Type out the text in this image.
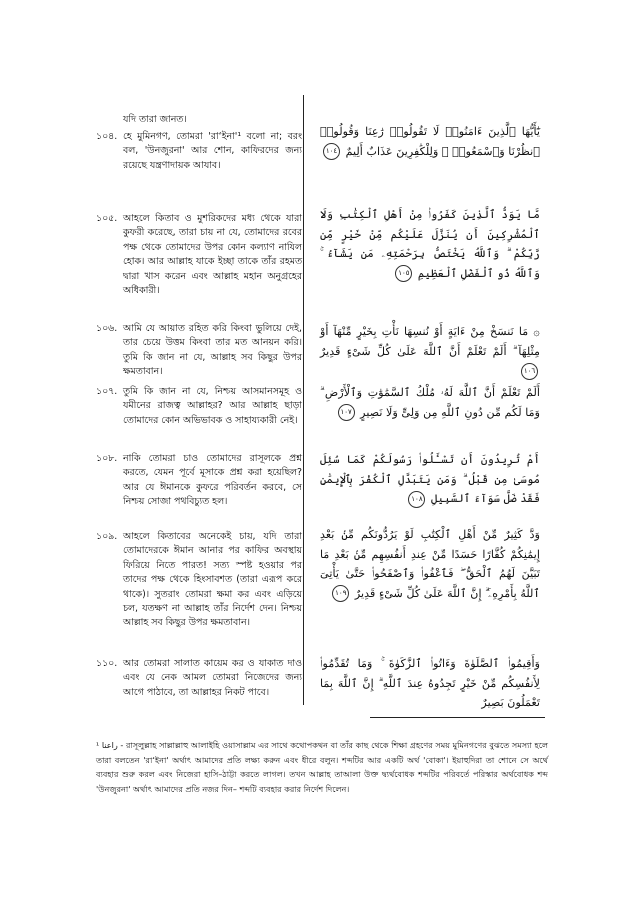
যদি তারা জানত।
১০৪. হে মুমিনগণ, তোমরা 'রা‘ইনা'¹ বলো না; বরং বল, 'উনজুরনা' আর শোন, কাফিরদের জন্য রয়েছে যন্ত্রণাদায়ক আযাব।
يَٰٓأَيُّهَا ٱلَّذِينَ ءَامَنُوا۟ لَا تَقُولُوا۟ رَٰعِنَا وَقُولُوا۟ ٱنظُرْنَا وَٱسْمَعُوا۟ ۗ وَلِلْكَٰفِرِينَ عَذَابٌ أَلِيمٌ ١٠٤
১০৫. আহলে কিতাব ও মুশরিকদের মধ্য থেকে যারা কুফরী করেছে, তারা চায় না যে, তোমাদের রবের পক্ষ থেকে তোমাদের উপর কোন কল্যাণ নাযিল হোক। আর আল্লাহ যাকে ইচ্ছা তাকে তাঁর রহমত দ্বারা খাস করেন এবং আল্লাহ মহান অনুগ্রহের অধিকারী।
مَّا يَوَدُّ ٱلَّذِينَ كَفَرُوا۟ مِنْ أَهْلِ ٱلْكِتَٰبِ وَلَا ٱلْمُشْرِكِينَ أَن يُنَزَّلَ عَلَيْكُم مِّنْ خَيْرٍ مِّن رَّبِّكُمْ ۗ وَٱللَّهُ يَخْتَصُّ بِرَحْمَتِهِۦ مَن يَشَآءُ ۚ وَٱللَّهُ ذُو ٱلْفَضْلِ ٱلْعَظِيمِ ١٠٥
১০৬. আমি যে আয়াত রহিত করি কিংবা ভুলিয়ে দেই, তার চেয়ে উত্তম কিংবা তার মত আনয়ন করি। তুমি কি জান না যে, আল্লাহ সব কিছুর উপর ক্ষমতাবান।
۞ مَا نَنسَخْ مِنْ ءَايَةٍ أَوْ نُنسِهَا نَأْتِ بِخَيْرٍ مِّنْهَآ أَوْ مِثْلِهَآ ۗ أَلَمْ تَعْلَمْ أَنَّ ٱللَّهَ عَلَىٰ كُلِّ شَىْءٍ قَدِيرٌ ١٠٦
১০৭. তুমি কি জান না যে, নিশ্চয় আসমানসমূহ ও যমীনের রাজত্ব আল্লাহর? আর আল্লাহ ছাড়া তোমাদের কোন অভিভাবক ও সাহায্যকারী নেই।
أَلَمْ تَعْلَمْ أَنَّ ٱللَّهَ لَهُۥ مُلْكُ ٱلسَّمَٰوَٰتِ وَٱلْأَرْضِ ۗ وَمَا لَكُم مِّن دُونِ ٱللَّهِ مِن وَلِىٍّ وَلَا نَصِيرٍ ١٠٧
১০৮. নাকি তোমরা চাও তোমাদের রাসূলকে প্রশ্ন করতে, যেমন পূর্বে মূসাকে প্রশ্ন করা হয়েছিল? আর যে ঈমানকে কুফরে পরিবর্তন করবে, সে নিশ্চয় সোজা পথবিচ্যুত হল।
أَمْ تُرِيدُونَ أَن تَسْـَٔلُوا۟ رَسُولَكُمْ كَمَا سُئِلَ مُوسَىٰ مِن قَبْلُ ۗ وَمَن يَتَبَدَّلِ ٱلْكُفْرَ بِٱلْإِيمَٰنِ فَقَدْ ضَلَّ سَوَآءَ ٱلسَّبِيلِ ١٠٨
১০৯. আহলে কিতাবের অনেকেই চায়, যদি তারা তোমাদেরকে ঈমান আনার পর কাফির অবস্থায় ফিরিয়ে নিতে পারত! সত্য স্পষ্ট হওয়ার পর তাদের পক্ষ থেকে হিংসাবশত (তারা এরূপ করে থাকে)। সুতরাং তোমরা ক্ষমা কর এবং এড়িয়ে চল, যতক্ষণ না আল্লাহ তাঁর নির্দেশ দেন। নিশ্চয় আল্লাহ সব কিছুর উপর ক্ষমতাবান।
وَدَّ كَثِيرٌ مِّنْ أَهْلِ ٱلْكِتَٰبِ لَوْ يَرُدُّونَكُم مِّنۢ بَعْدِ إِيمَٰنِكُمْ كُفَّارًا حَسَدًا مِّنْ عِندِ أَنفُسِهِم مِّنۢ بَعْدِ مَا تَبَيَّنَ لَهُمُ ٱلْحَقُّ ۖ فَٱعْفُوا۟ وَٱصْفَحُوا۟ حَتَّىٰ يَأْتِىَ ٱللَّهُ بِأَمْرِهِۦٓ ۗ إِنَّ ٱللَّهَ عَلَىٰ كُلِّ شَىْءٍ قَدِيرٌ ١٠٩
১১০. আর তোমরা সালাত কায়েম কর ও যাকাত দাও এবং যে নেক আমল তোমরা নিজেদের জন্য আগে পাঠাবে, তা আল্লাহর নিকট পাবে।
وَأَقِيمُوا۟ ٱلصَّلَوٰةَ وَءَاتُوا۟ ٱلزَّكَوٰةَ ۚ وَمَا تُقَدِّمُوا۟ لِأَنفُسِكُم مِّنْ خَيْرٍ تَجِدُوهُ عِندَ ٱللَّهِ ۗ إِنَّ ٱللَّهَ بِمَا تَعْمَلُونَ بَصِيرٌ
¹ راعنا - রাসূলুল্লাহ সাল্লাল্লাহু আলাইহি ওয়াসাল্লাম এর সাথে কথোপকথন বা তাঁর কাছ থেকে শিক্ষা গ্রহণের সময় মুমিনগণের বুঝতে সমস্যা হলে তারা বলতেন 'রা‘ইনা' অর্থাৎ আমাদের প্রতি লক্ষ্য করুন এবং ধীরে বলুন। শব্দটির আর একটি অর্থ 'বোকা'। ইয়াহুদিরা তা শোনে সে অর্থে ব্যবহার শুরু করল এবং নিজেরা হাসি–ঠাট্টা করতে লাগল। তখন আল্লাহ তাআলা উক্ত দ্ব্যর্থবোধক শব্দটির পরিবর্তে পরিস্কার অর্থবোধক শব্দ 'উনজুরনা' অর্থাৎ আমাদের প্রতি নজর দিন– শব্দটি ব্যবহার করার নির্দেশ দিলেন।
